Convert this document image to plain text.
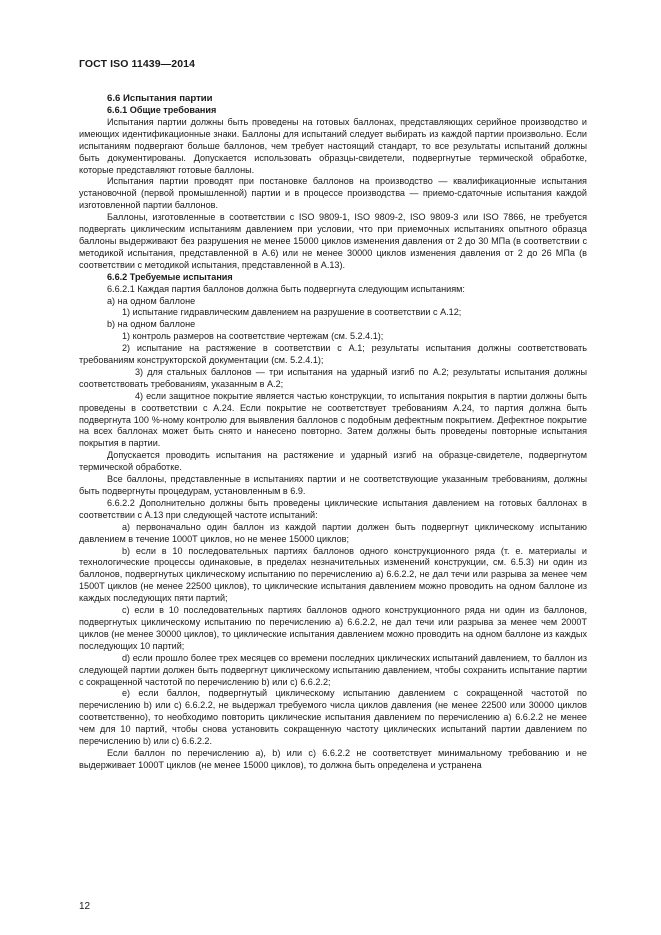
ГОСТ ISO 11439—2014

6.6 Испытания партии

6.6.1 Общие требования

Испытания партии должны быть проведены на готовых баллонах, представляющих серийное производство и имеющих идентификационные знаки. Баллоны для испытаний следует выбирать из каждой партии произвольно. Если испытаниям подвергают больше баллонов, чем требует настоящий стандарт, то все результаты испытаний должны быть документированы. Допускается использовать образцы-свидетели, подвергнутые термической обработке, которые представляют готовые баллоны.

Испытания партии проводят при постановке баллонов на производство — квалификационные испытания установочной (первой промышленной) партии и в процессе производства — приемо-сдаточные испытания каждой изготовленной партии баллонов.

Баллоны, изготовленные в соответствии с ISO 9809-1, ISO 9809-2, ISO 9809-3 или ISO 7866, не требуется подвергать циклическим испытаниям давлением при условии, что при приемочных испытаниях опытного образца баллоны выдерживают без разрушения не менее 15000 циклов изменения давления от 2 до 30 МПа (в соответствии с методикой испытания, представленной в А.6) или не менее 30000 циклов изменения давления от 2 до 26 МПа (в соответствии с методикой испытания, представленной в А.13).

6.6.2 Требуемые испытания

6.6.2.1 Каждая партия баллонов должна быть подвергнута следующим испытаниям:

а) на одном баллоне

1) испытание гидравлическим давлением на разрушение в соответствии с А.12;

b) на одном баллоне

1) контроль размеров на соответствие чертежам (см. 5.2.4.1);

2) испытание на растяжение в соответствии с А.1; результаты испытания должны соответствовать требованиям конструкторской документации (см. 5.2.4.1);

3) для стальных баллонов — три испытания на ударный изгиб по А.2; результаты испытания должны соответствовать требованиям, указанным в А.2;

4) если защитное покрытие является частью конструкции, то испытания покрытия в партии должны быть проведены в соответствии с А.24. Если покрытие не соответствует требованиям А.24, то партия должна быть подвергнута 100 %-ному контролю для выявления баллонов с подобным дефектным покрытием. Дефектное покрытие на всех баллонах может быть снято и нанесено повторно. Затем должны быть проведены повторные испытания покрытия в партии.

Допускается проводить испытания на растяжение и ударный изгиб на образце-свидетеле, подвергнутом термической обработке.

Все баллоны, представленные в испытаниях партии и не соответствующие указанным требованиям, должны быть подвергнуты процедурам, установленным в 6.9.

6.6.2.2 Дополнительно должны быть проведены циклические испытания давлением на готовых баллонах в соответствии с А.13 при следующей частоте испытаний:

а) первоначально один баллон из каждой партии должен быть подвергнут циклическому испытанию давлением в течение 1000T циклов, но не менее 15000 циклов;

b) если в 10 последовательных партиях баллонов одного конструкционного ряда (т. е. материалы и технологические процессы одинаковые, в пределах незначительных изменений конструкции, см. 6.5.3) ни один из баллонов, подвергнутых циклическому испытанию по перечислению а) 6.6.2.2, не дал течи или разрыва за менее чем 1500T циклов (не менее 22500 циклов), то циклические испытания давлением можно проводить на одном баллоне из каждых последующих пяти партий;

с) если в 10 последовательных партиях баллонов одного конструкционного ряда ни один из баллонов, подвергнутых циклическому испытанию по перечислению а) 6.6.2.2, не дал течи или разрыва за менее чем 2000T циклов (не менее 30000 циклов), то циклические испытания давлением можно проводить на одном баллоне из каждых последующих 10 партий;

d) если прошло более трех месяцев со времени последних циклических испытаний давлением, то баллон из следующей партии должен быть подвергнут циклическому испытанию давлением, чтобы сохранить испытание партии с сокращенной частотой по перечислению b) или с) 6.6.2.2;

е) если баллон, подвергнутый циклическому испытанию давлением с сокращенной частотой по перечислению b) или с) 6.6.2.2, не выдержал требуемого числа циклов давления (не менее 22500 или 30000 циклов соответственно), то необходимо повторить циклические испытания давлением по перечислению а) 6.6.2.2 не менее чем для 10 партий, чтобы снова установить сокращенную частоту циклических испытаний партии давлением по перечислению b) или с) 6.6.2.2.

Если баллон по перечислению а), b) или с) 6.6.2.2 не соответствует минимальному требованию и не выдерживает 1000T циклов (не менее 15000 циклов), то должна быть определена и устранена

12
